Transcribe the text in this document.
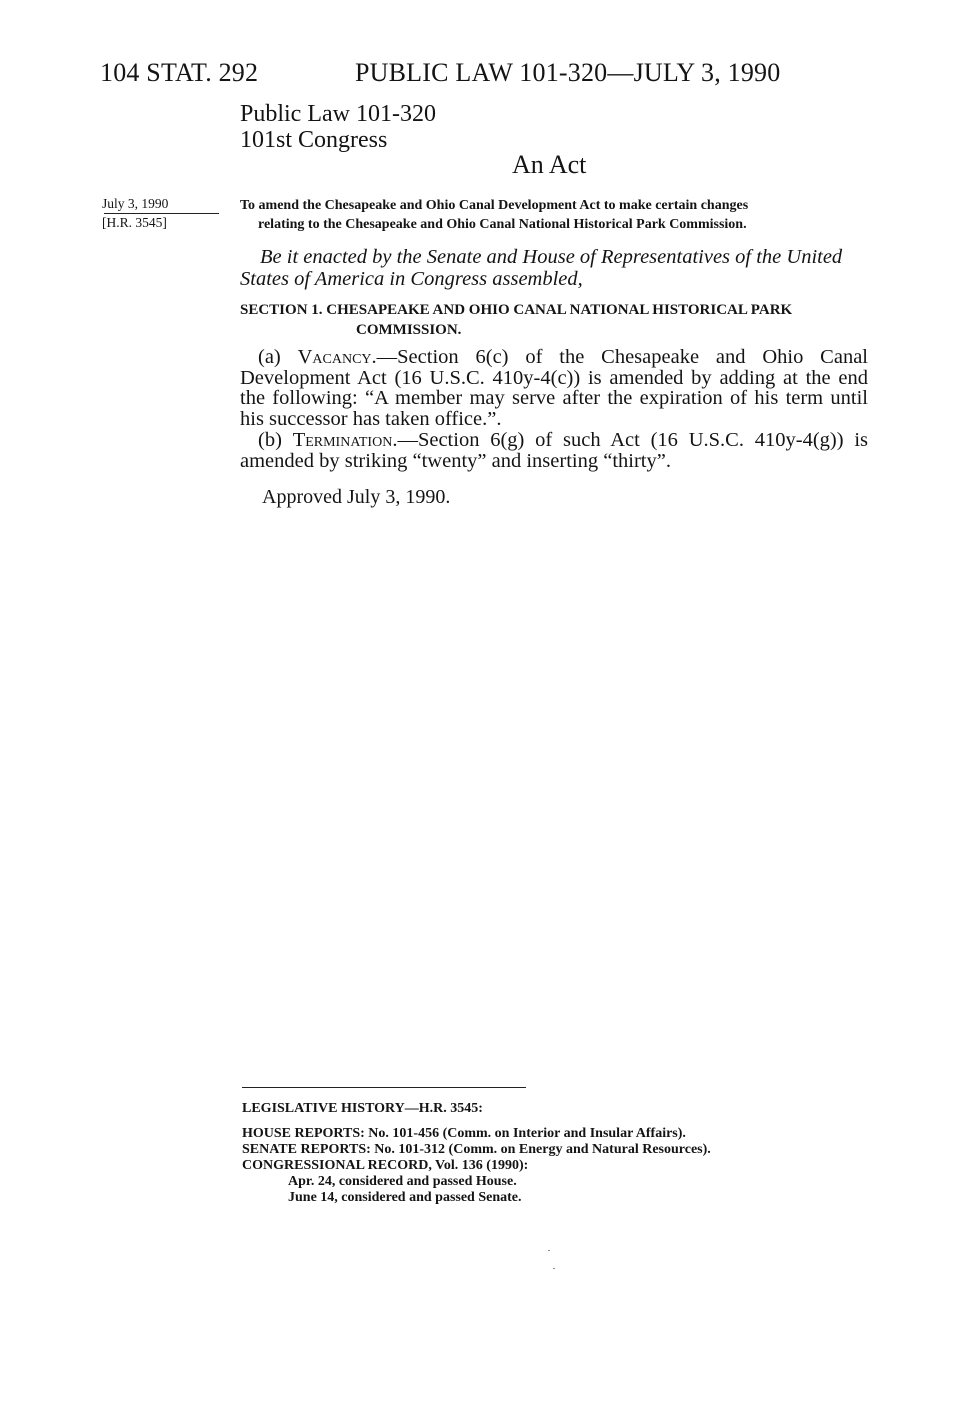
104 STAT. 292	PUBLIC LAW 101-320—JULY 3, 1990
Public Law 101-320
101st Congress
An Act
July 3, 1990
[H.R. 3545]
To amend the Chesapeake and Ohio Canal Development Act to make certain changes
relating to the Chesapeake and Ohio Canal National Historical Park Commission.
Be it enacted by the Senate and House of Representatives of the United States of America in Congress assembled,
SECTION 1. CHESAPEAKE AND OHIO CANAL NATIONAL HISTORICAL PARK
COMMISSION.
(a) Vacancy.—Section 6(c) of the Chesapeake and Ohio Canal Development Act (16 U.S.C. 410y-4(c)) is amended by adding at the end the following: “A member may serve after the expiration of his term until his successor has taken office.”.
(b) Termination.—Section 6(g) of such Act (16 U.S.C. 410y-4(g)) is amended by striking “twenty” and inserting “thirty”.
Approved July 3, 1990.
LEGISLATIVE HISTORY—H.R. 3545:
HOUSE REPORTS: No. 101-456 (Comm. on Interior and Insular Affairs).
SENATE REPORTS: No. 101-312 (Comm. on Energy and Natural Resources).
CONGRESSIONAL RECORD, Vol. 136 (1990):
Apr. 24, considered and passed House.
June 14, considered and passed Senate.
